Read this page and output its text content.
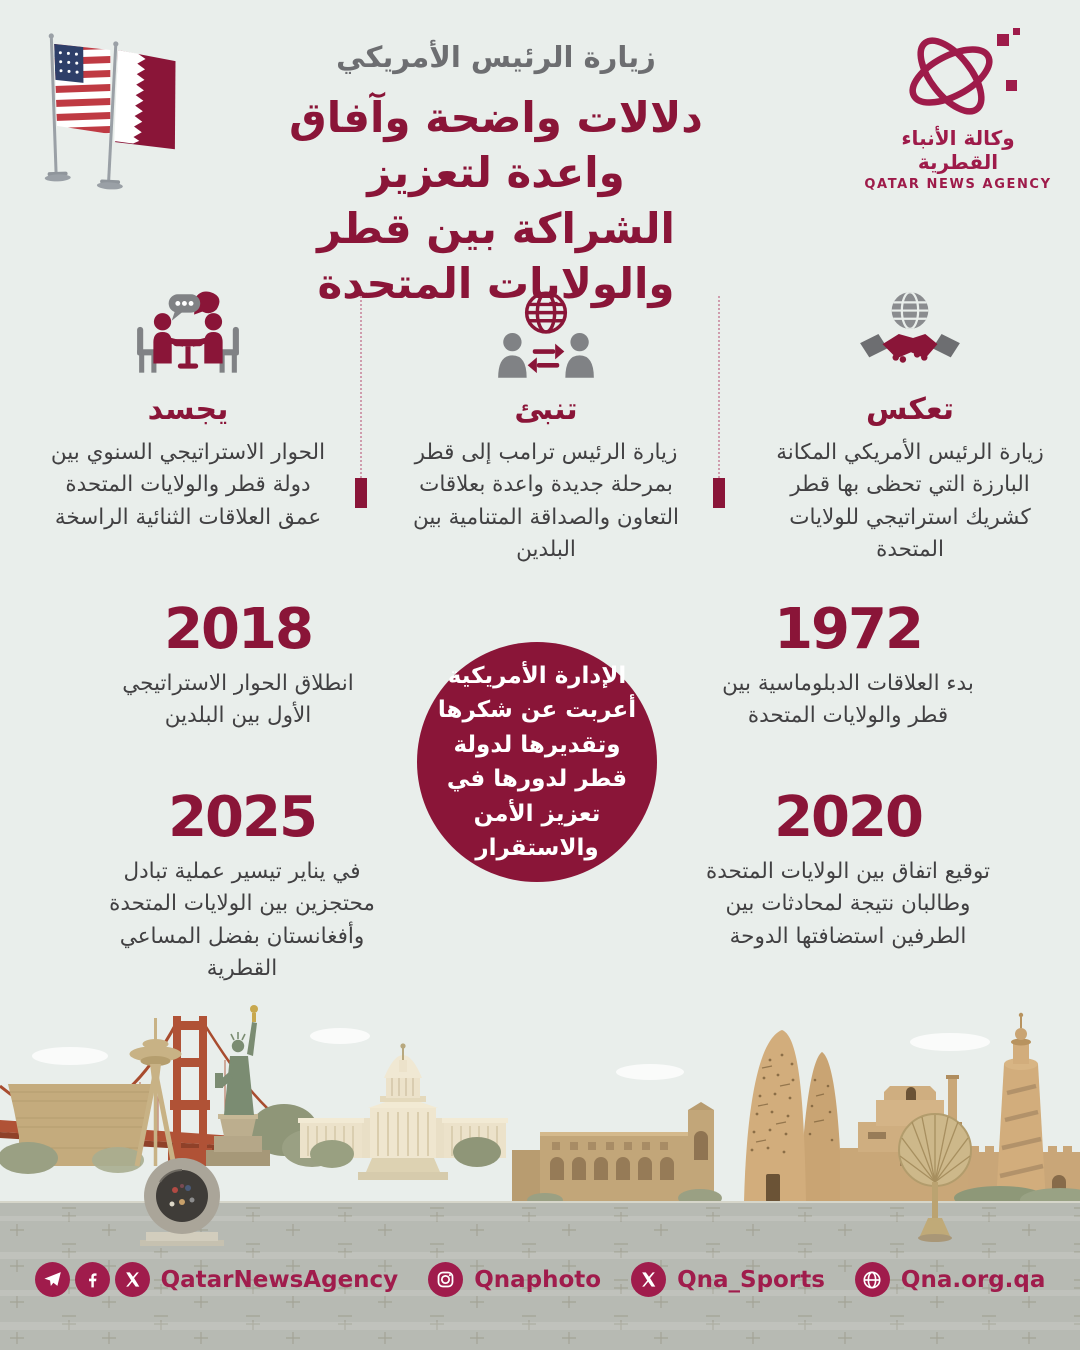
زيارة الرئيس الأمريكي
دلالات واضحة وآفاق واعدة لتعزيز
الشراكة بين قطر والولايات المتحدة
وكالة الأنباء القطرية
QATAR NEWS AGENCY
تعكس

زيارة الرئيس الأمريكي المكانة البارزة التي تحظى بها قطر كشريك استراتيجي للولايات المتحدة

تنبئ

زيارة الرئيس ترامب إلى قطر بمرحلة جديدة واعدة بعلاقات التعاون والصداقة المتنامية بين البلدين

يجسد

الحوار الاستراتيجي السنوي بين دولة قطر والولايات المتحدة عمق العلاقات الثنائية الراسخة

1972
بدء العلاقات الدبلوماسية بين قطر والولايات المتحدة
2018
انطلاق الحوار الاستراتيجي الأول بين البلدين
2020
توقيع اتفاق بين الولايات المتحدة وطالبان نتيجة لمحادثات بين الطرفين استضافتها الدوحة
2025
في يناير تيسير عملية تبادل محتجزين بين الولايات المتحدة وأفغانستان بفضل المساعي القطرية

الإدارة الأمريكية أعربت عن شكرها وتقديرها لدولة قطر لدورها في تعزيز الأمن والاستقرار

QatarNewsAgency	Qnaphoto	Qna_Sports	Qna.org.qa
